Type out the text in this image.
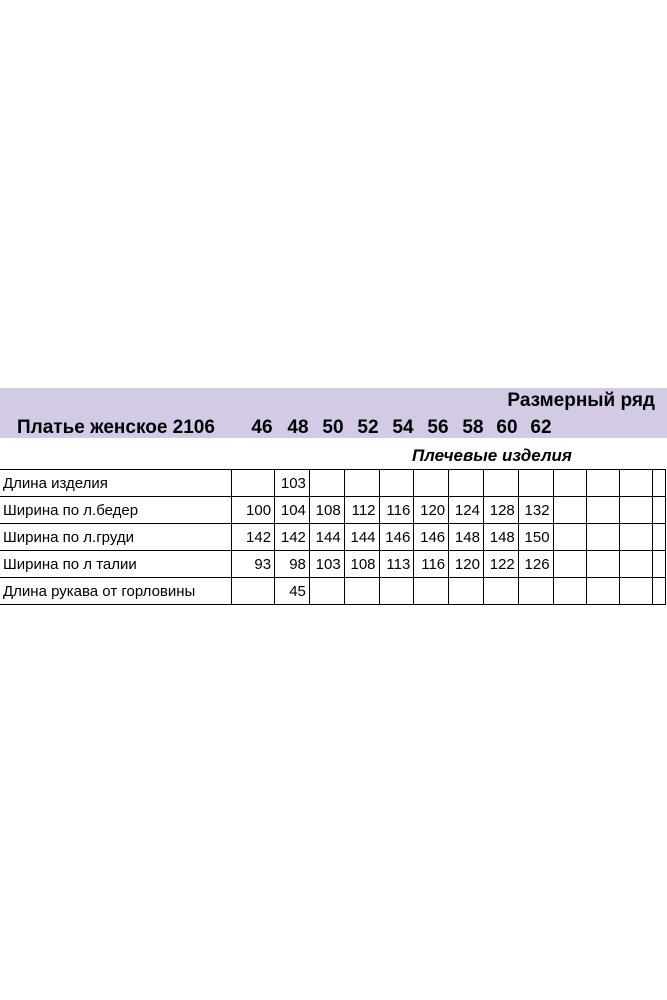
Размерный ряд
Платье женское 2106	46 48 50 52 54 56 58 60 62
Плечевые изделия
Длина изделия		103											
Ширина по л.бедер	100	104	108	112	116	120	124	128	132				
Ширина по л.груди	142	142	144	144	146	146	148	148	150				
Ширина по л талии	93	98	103	108	113	116	120	122	126				
Длина рукава от горловины		45											
